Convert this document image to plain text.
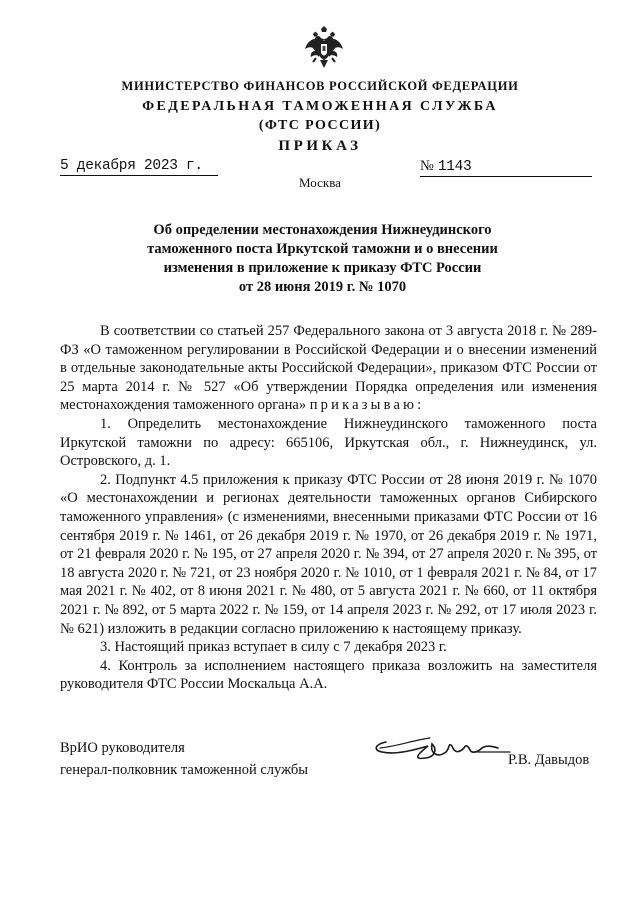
МИНИСТЕРСТВО ФИНАНСОВ РОССИЙСКОЙ ФЕДЕРАЦИИ
ФЕДЕРАЛЬНАЯ ТАМОЖЕННАЯ СЛУЖБА
(ФТС РОССИИ)
ПРИКАЗ
5 декабря 2023 г.	№ 1143
Москва
Об определении местонахождения Нижнеудинского
таможенного поста Иркутской таможни и о внесении
изменения в приложение к приказу ФТС России
от 28 июня 2019 г. № 1070

В соответствии со статьей 257 Федерального закона от 3 августа 2018 г. № 289-ФЗ «О таможенном регулировании в Российской Федерации и о внесении изменений в отдельные законодательные акты Российской Федерации», приказом ФТС России от 25 марта 2014 г. № 527 «Об утверждении Порядка определения или изменения местонахождения таможенного органа» приказываю:

1. Определить местонахождение Нижнеудинского таможенного поста Иркутской таможни по адресу: 665106, Иркутская обл., г. Нижнеудинск, ул. Островского, д. 1.

2. Подпункт 4.5 приложения к приказу ФТС России от 28 июня 2019 г. № 1070 «О местонахождении и регионах деятельности таможенных органов Сибирского таможенного управления» (с изменениями, внесенными приказами ФТС России от 16 сентября 2019 г. № 1461, от 26 декабря 2019 г. № 1970, от 26 декабря 2019 г. № 1971, от 21 февраля 2020 г. № 195, от 27 апреля 2020 г. № 394, от 27 апреля 2020 г. № 395, от 18 августа 2020 г. № 721, от 23 ноября 2020 г. № 1010, от 1 февраля 2021 г. № 84, от 17 мая 2021 г. № 402, от 8 июня 2021 г. № 480, от 5 августа 2021 г. № 660, от 11 октября 2021 г. № 892, от 5 марта 2022 г. № 159, от 14 апреля 2023 г. № 292, от 17 июля 2023 г. № 621) изложить в редакции согласно приложению к настоящему приказу.

3. Настоящий приказ вступает в силу с 7 декабря 2023 г.

4. Контроль за исполнением настоящего приказа возложить на заместителя руководителя ФТС России Москальца А.А.

ВрИО руководителя
генерал-полковник таможенной службы
Р.В. Давыдов
